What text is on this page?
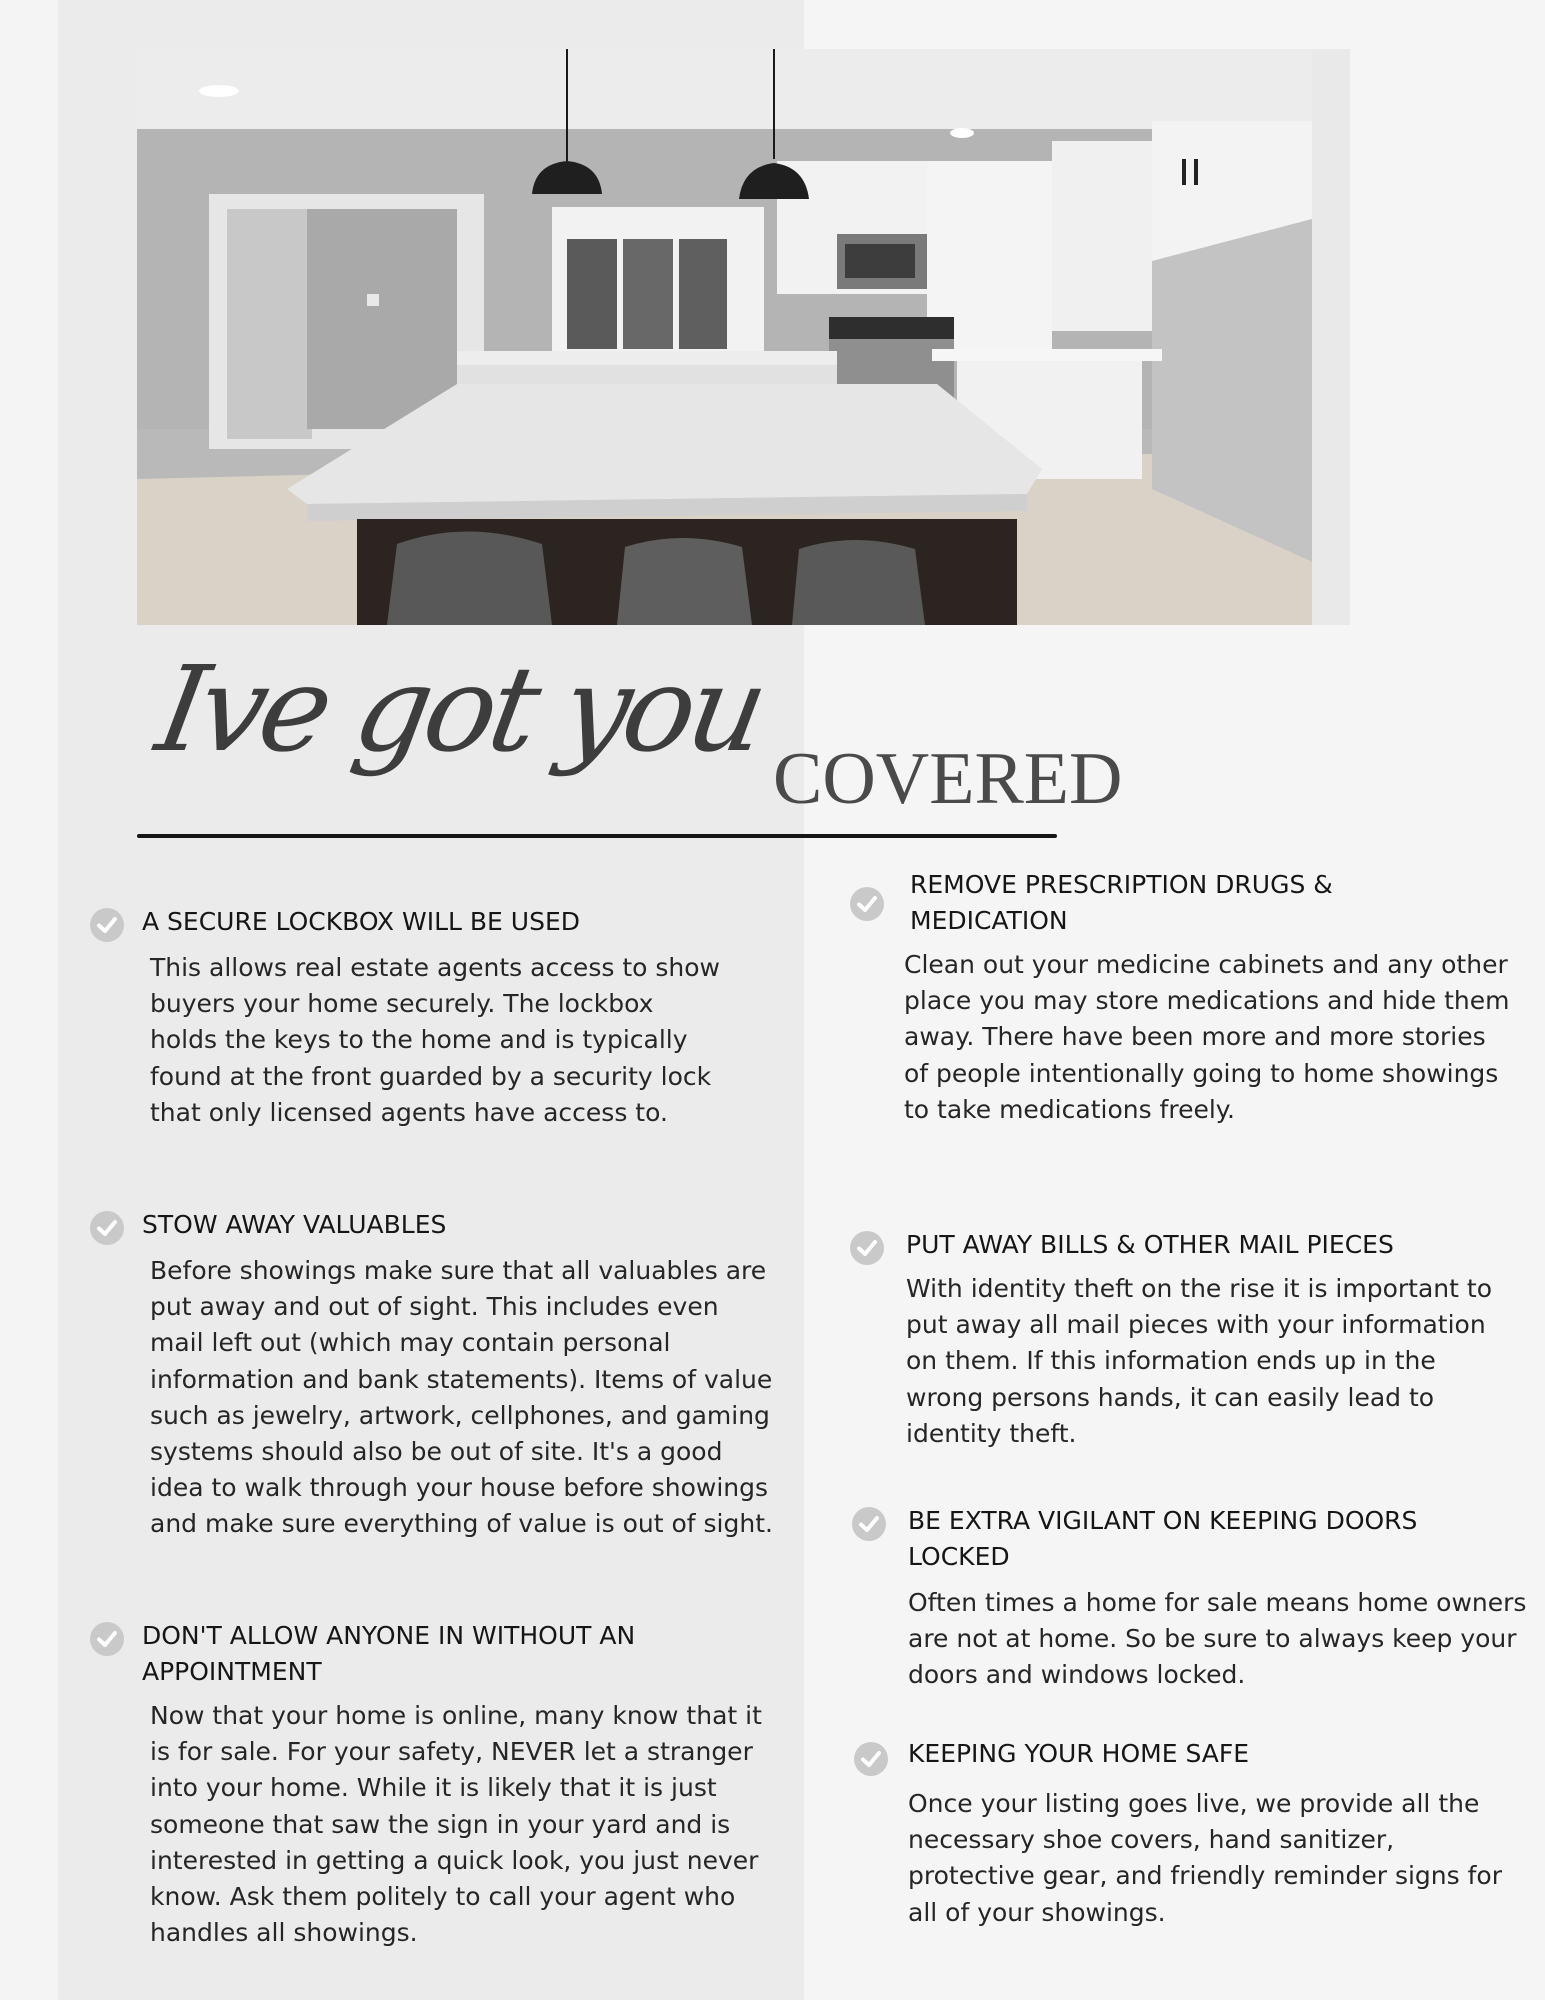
Ive got you
COVERED
A SECURE LOCKBOX WILL BE USED

This allows real estate agents access to show buyers your home securely. The lockbox holds the keys to the home and is typically found at the front guarded by a security lock that only licensed agents have access to.

STOW AWAY VALUABLES

Before showings make sure that all valuables are put away and out of sight. This includes even mail left out (which may contain personal information and bank statements). Items of value such as jewelry, artwork, cellphones, and gaming systems should also be out of site. It's a good idea to walk through your house before showings and make sure everything of value is out of sight.

DON'T ALLOW ANYONE IN WITHOUT AN APPOINTMENT

Now that your home is online, many know that it is for sale. For your safety, NEVER let a stranger into your home. While it is likely that it is just someone that saw the sign in your yard and is interested in getting a quick look, you just never know. Ask them politely to call your agent who handles all showings.

REMOVE PRESCRIPTION DRUGS & MEDICATION

Clean out your medicine cabinets and any other place you may store medications and hide them away. There have been more and more stories of people intentionally going to home showings to take medications freely.

PUT AWAY BILLS & OTHER MAIL PIECES

With identity theft on the rise it is important to put away all mail pieces with your information on them. If this information ends up in the wrong persons hands, it can easily lead to identity theft.

BE EXTRA VIGILANT ON KEEPING DOORS LOCKED

Often times a home for sale means home owners are not at home. So be sure to always keep your doors and windows locked.

KEEPING YOUR HOME SAFE

Once your listing goes live, we provide all the necessary shoe covers, hand sanitizer, protective gear, and friendly reminder signs for all of your showings.
